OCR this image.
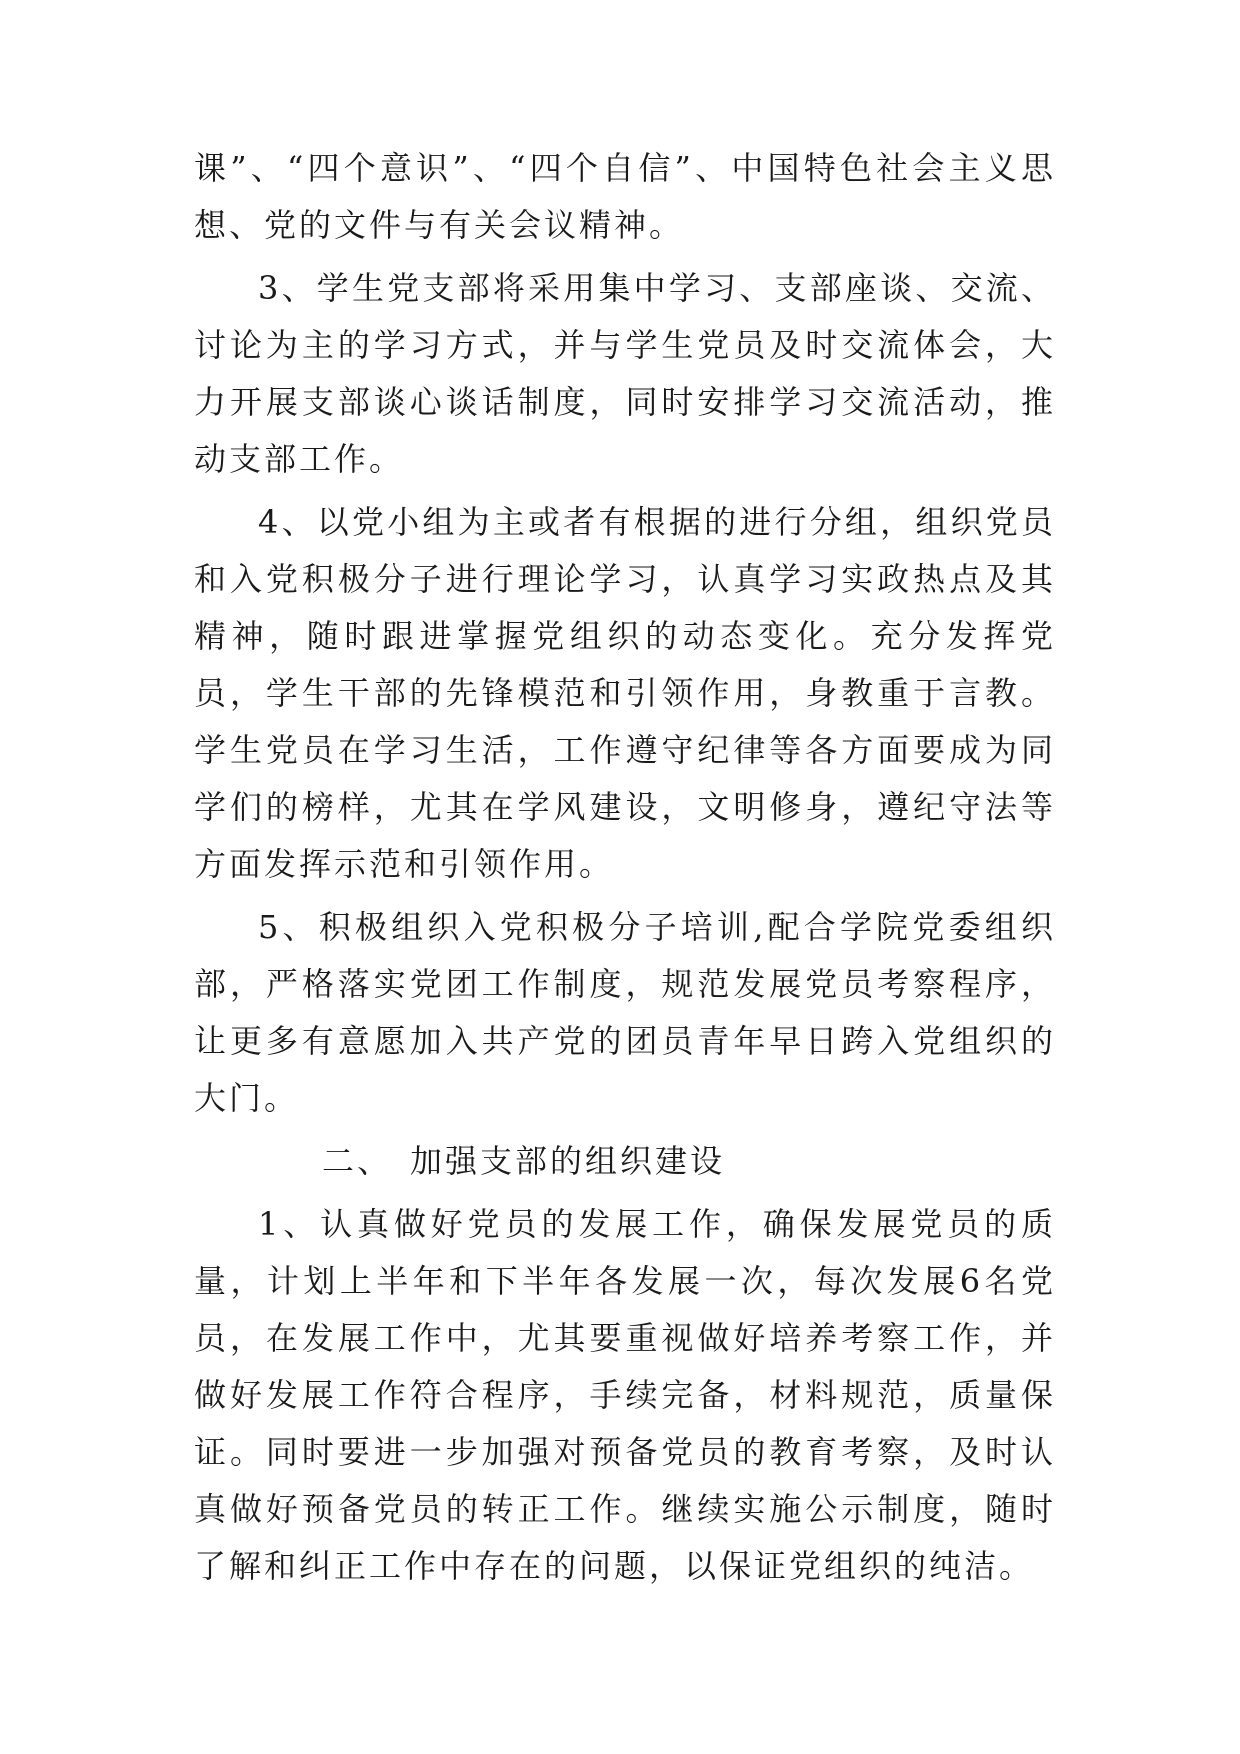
课”、“四个意识”、“四个自信”、中国特色社会主义思想、党的文件与有关会议精神。

3、学生党支部将采用集中学习、支部座谈、交流、讨论为主的学习方式，并与学生党员及时交流体会，大力开展支部谈心谈话制度，同时安排学习交流活动，推动支部工作。

4、以党小组为主或者有根据的进行分组，组织党员和入党积极分子进行理论学习，认真学习实政热点及其精神，随时跟进掌握党组织的动态变化。充分发挥党员，学生干部的先锋模范和引领作用，身教重于言教。学生党员在学习生活，工作遵守纪律等各方面要成为同学们的榜样，尤其在学风建设，文明修身，遵纪守法等方面发挥示范和引领作用。

5、积极组织入党积极分子培训,配合学院党委组织部，严格落实党团工作制度，规范发展党员考察程序，让更多有意愿加入共产党的团员青年早日跨入党组织的大门。

二、 加强支部的组织建设

1、认真做好党员的发展工作，确保发展党员的质量，计划上半年和下半年各发展一次，每次发展6名党员，在发展工作中，尤其要重视做好培养考察工作，并做好发展工作符合程序，手续完备，材料规范，质量保证。同时要进一步加强对预备党员的教育考察，及时认真做好预备党员的转正工作。继续实施公示制度，随时了解和纠正工作中存在的问题，以保证党组织的纯洁。
